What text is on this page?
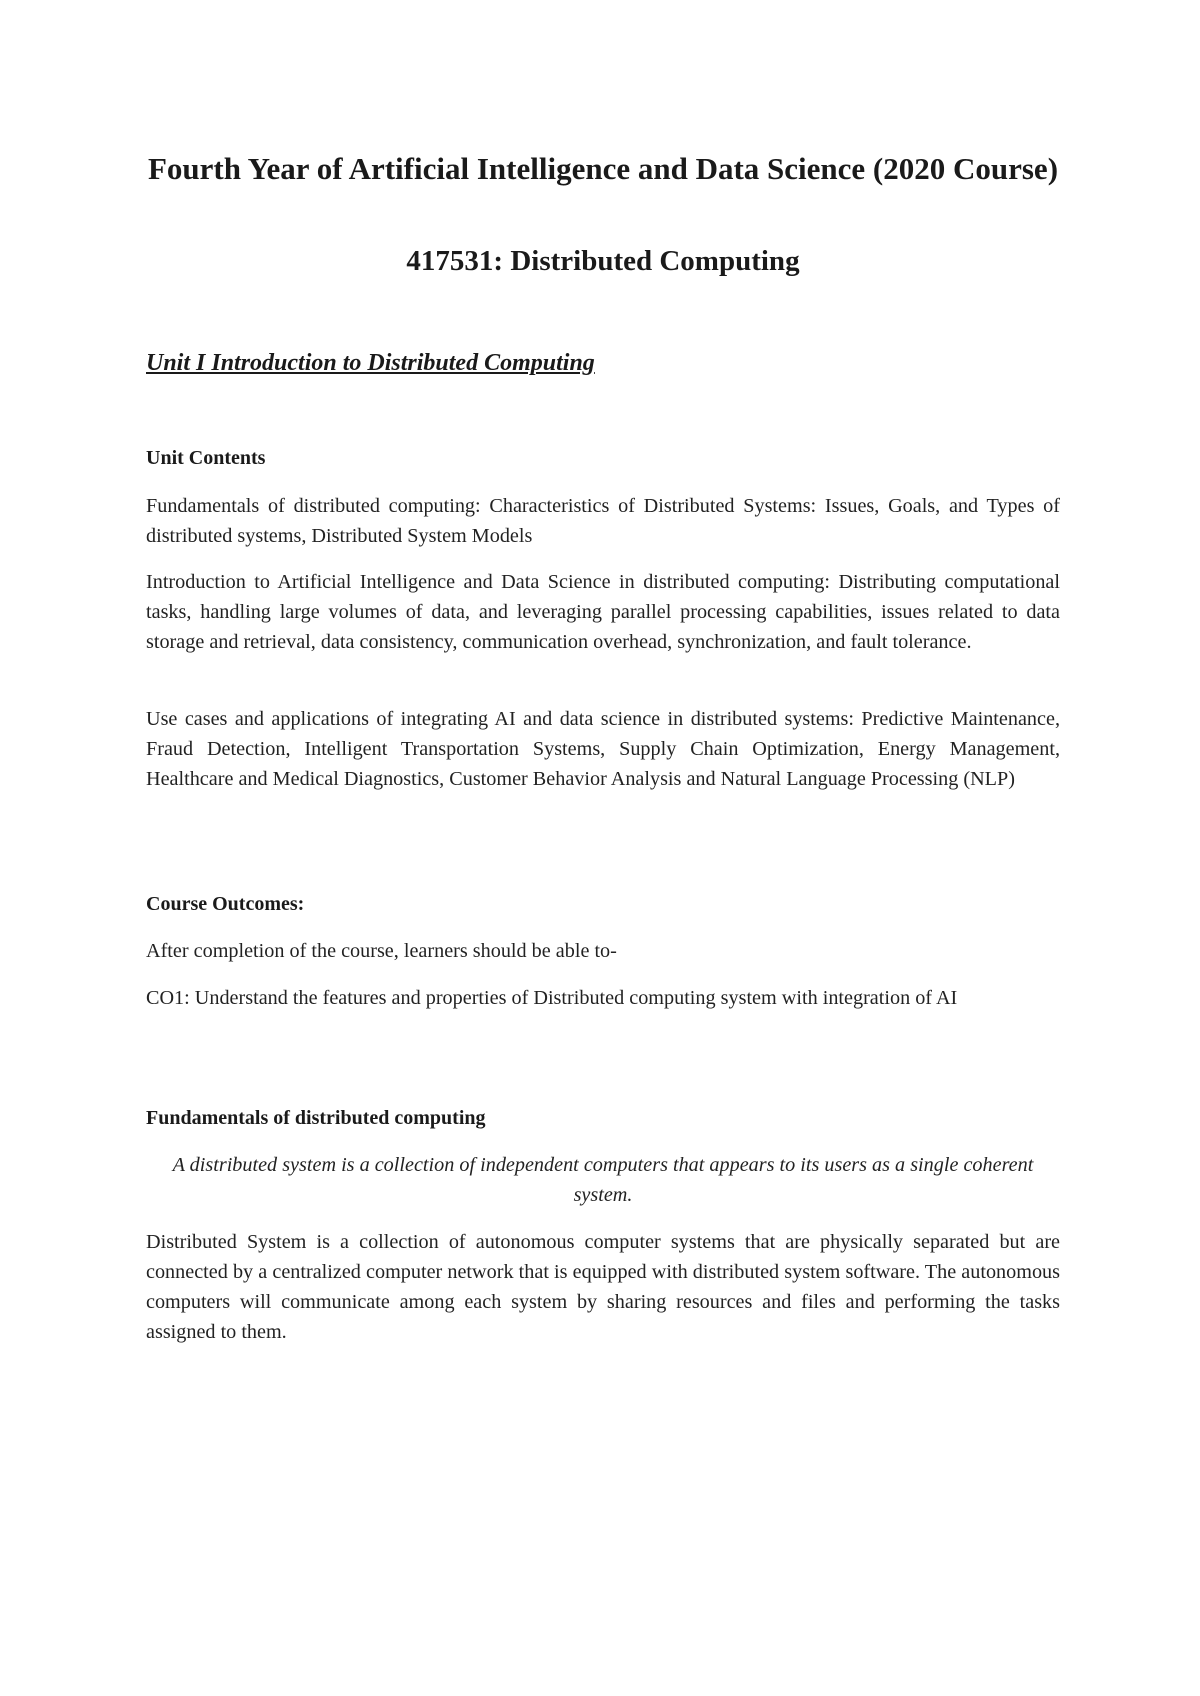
Fourth Year of Artificial Intelligence and Data Science (2020 Course)
417531: Distributed Computing
Unit I Introduction to Distributed Computing
Unit Contents

Fundamentals of distributed computing: Characteristics of Distributed Systems: Issues, Goals, and Types of distributed systems, Distributed System Models

Introduction to Artificial Intelligence and Data Science in distributed computing: Distributing computational tasks, handling large volumes of data, and leveraging parallel processing capabilities, issues related to data storage and retrieval, data consistency, communication overhead, synchronization, and fault tolerance.

Use cases and applications of integrating AI and data science in distributed systems: Predictive Maintenance, Fraud Detection, Intelligent Transportation Systems, Supply Chain Optimization, Energy Management, Healthcare and Medical Diagnostics, Customer Behavior Analysis and Natural Language Processing (NLP)

Course Outcomes:

After completion of the course, learners should be able to-

CO1: Understand the features and properties of Distributed computing system with integration of AI

Fundamentals of distributed computing

A distributed system is a collection of independent computers that appears to its users as a single coherent system.

Distributed System is a collection of autonomous computer systems that are physically separated but are connected by a centralized computer network that is equipped with distributed system software. The autonomous computers will communicate among each system by sharing resources and files and performing the tasks assigned to them.
